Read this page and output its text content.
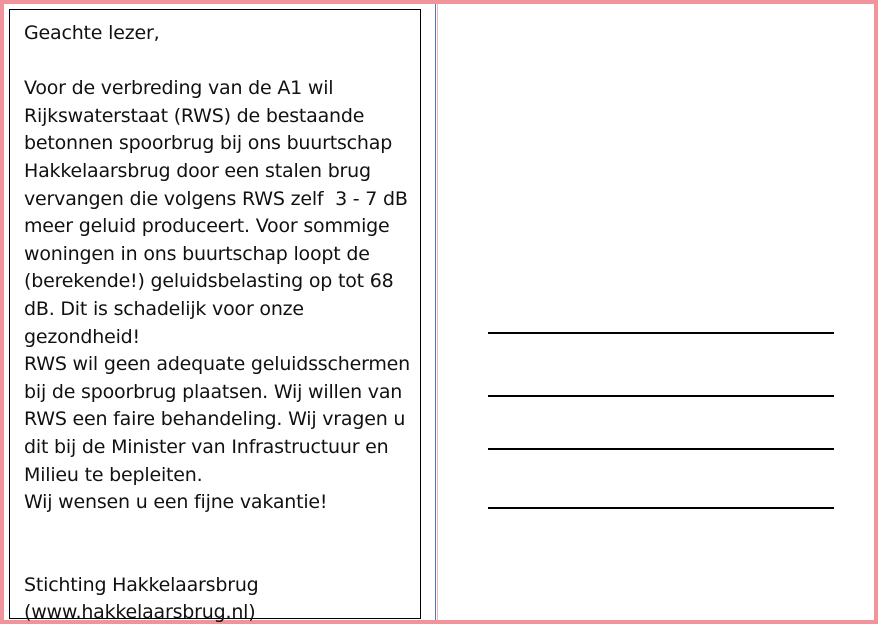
Geachte lezer,

Voor de verbreding van de A1 wil
Rijkswaterstaat (RWS) de bestaande
betonnen spoorbrug bij ons buurtschap
Hakkelaarsbrug door een stalen brug
vervangen die volgens RWS zelf  3 - 7 dB
meer geluid produceert. Voor sommige
woningen in ons buurtschap loopt de
(berekende!) geluidsbelasting op tot 68
dB. Dit is schadelijk voor onze
gezondheid!
RWS wil geen adequate geluidsschermen
bij de spoorbrug plaatsen. Wij willen van
RWS een faire behandeling. Wij vragen u
dit bij de Minister van Infrastructuur en
Milieu te bepleiten.
Wij wensen u een fijne vakantie!

Stichting Hakkelaarsbrug
(www.hakkelaarsbrug.nl)
